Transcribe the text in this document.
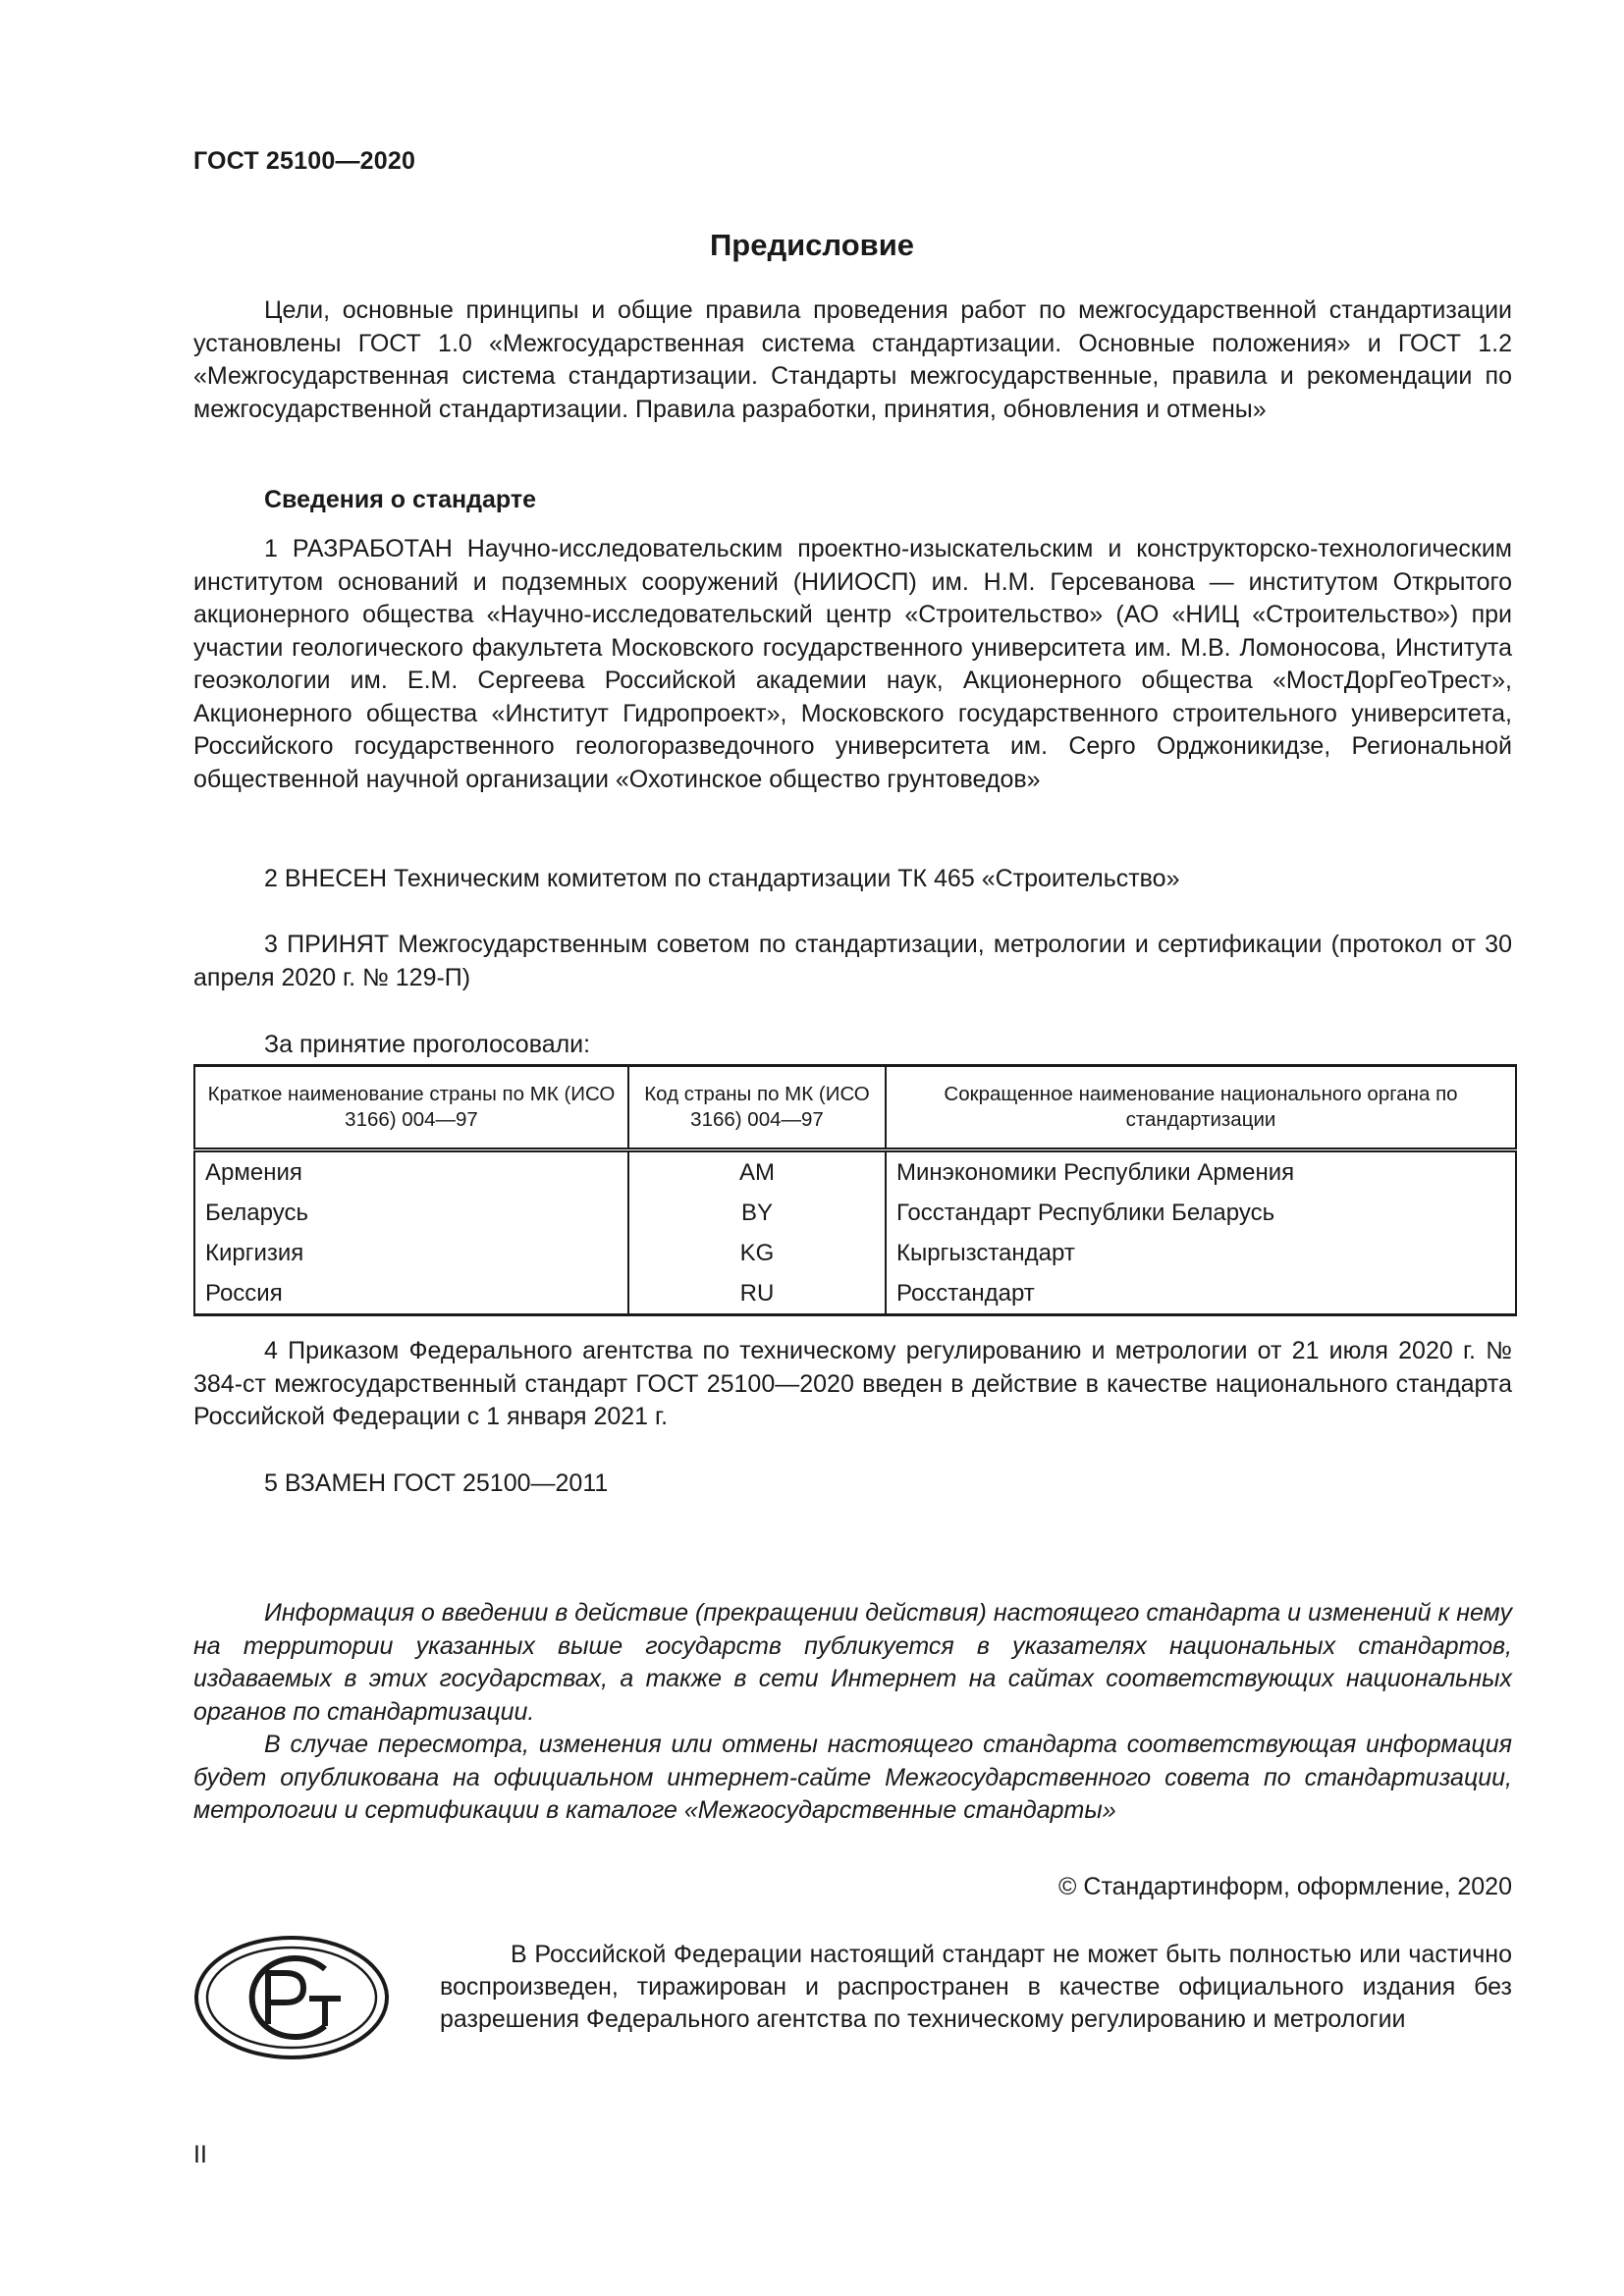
ГОСТ 25100—2020
Предисловие
Цели, основные принципы и общие правила проведения работ по межгосударственной стандартизации установлены ГОСТ 1.0 «Межгосударственная система стандартизации. Основные положения» и ГОСТ 1.2 «Межгосударственная система стандартизации. Стандарты межгосударственные, правила и рекомендации по межгосударственной стандартизации. Правила разработки, принятия, обновления и отмены»
Сведения о стандарте
1 РАЗРАБОТАН Научно-исследовательским проектно-изыскательским и конструкторско-технологическим институтом оснований и подземных сооружений (НИИОСП) им. Н.М. Герсеванова — институтом Открытого акционерного общества «Научно-исследовательский центр «Строительство» (АО «НИЦ «Строительство») при участии геологического факультета Московского государственного университета им. М.В. Ломоносова, Института геоэкологии им. Е.М. Сергеева Российской академии наук, Акционерного общества «МостДорГеоТрест», Акционерного общества «Институт Гидропроект», Московского государственного строительного университета, Российского государственного геологоразведочного университета им. Серго Орджоникидзе, Региональной общественной научной организации «Охотинское общество грунтоведов»
2 ВНЕСЕН Техническим комитетом по стандартизации ТК 465 «Строительство»
3 ПРИНЯТ Межгосударственным советом по стандартизации, метрологии и сертификации (протокол от 30 апреля 2020 г. № 129-П)
За принятие проголосовали:
Краткое наименование страны по МК (ИСО 3166) 004—97	Код страны по МК (ИСО 3166) 004—97	Сокращенное наименование национального органа по стандартизации
Армения	AM	Минэкономики Республики Армения
Беларусь	BY	Госстандарт Республики Беларусь
Киргизия	KG	Кыргызстандарт
Россия	RU	Росстандарт
4 Приказом Федерального агентства по техническому регулированию и метрологии от 21 июля 2020 г. № 384-ст межгосударственный стандарт ГОСТ 25100—2020 введен в действие в качестве национального стандарта Российской Федерации с 1 января 2021 г.
5 ВЗАМЕН ГОСТ 25100—2011
Информация о введении в действие (прекращении действия) настоящего стандарта и изменений к нему на территории указанных выше государств публикуется в указателях национальных стандартов, издаваемых в этих государствах, а также в сети Интернет на сайтах соответствующих национальных органов по стандартизации.
В случае пересмотра, изменения или отмены настоящего стандарта соответствующая информация будет опубликована на официальном интернет-сайте Межгосударственного совета по стандартизации, метрологии и сертификации в каталоге «Межгосударственные стандарты»
© Стандартинформ, оформление, 2020
В Российской Федерации настоящий стандарт не может быть полностью или частично воспроизведен, тиражирован и распространен в качестве официального издания без разрешения Федерального агентства по техническому регулированию и метрологии
II
